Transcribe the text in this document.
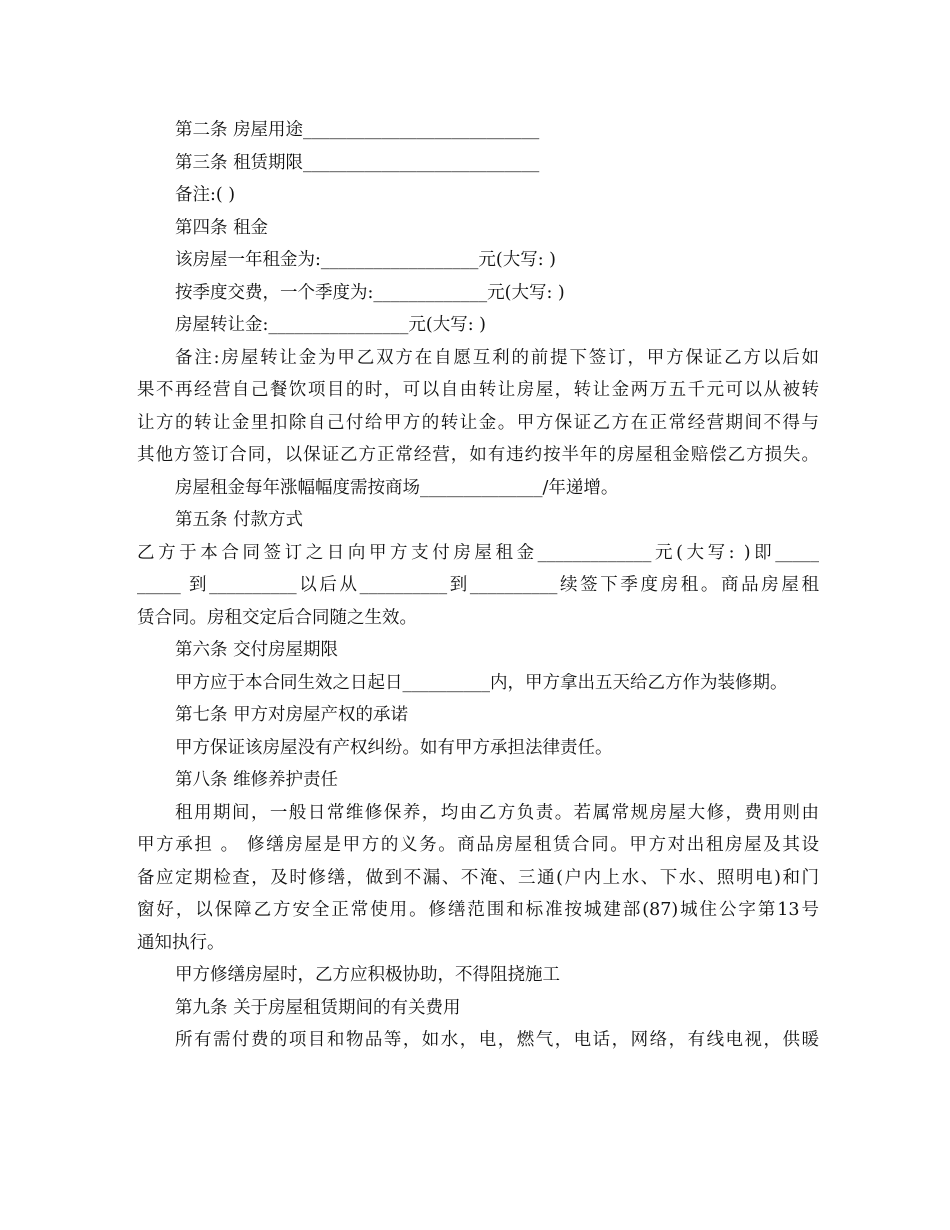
第二条 房屋用途___________________________
第三条 租赁期限___________________________
备注:( )
第四条 租金
该房屋一年租金为:__________________元(大写: )
按季度交费，一个季度为:_____________元(大写: )
房屋转让金:________________元(大写: )
备注:房屋转让金为甲乙双方在自愿互利的前提下签订，甲方保证乙方以后如
果不再经营自己餐饮项目的时，可以自由转让房屋，转让金两万五千元可以从被转
让方的转让金里扣除自己付给甲方的转让金。甲方保证乙方在正常经营期间不得与
其他方签订合同，以保证乙方正常经营，如有违约按半年的房屋租金赔偿乙方损失。
房屋租金每年涨幅幅度需按商场______________/年递增。
第五条 付款方式
乙方于本合同签订之日向甲方支付房屋租金_____________元(大写: )即_____
_____ 到__________以后从__________到__________续签下季度房租。商品房屋租
赁合同。房租交定后合同随之生效。
第六条 交付房屋期限
甲方应于本合同生效之日起日__________内，甲方拿出五天给乙方作为装修期。
第七条 甲方对房屋产权的承诺
甲方保证该房屋没有产权纠纷。如有甲方承担法律责任。
第八条 维修养护责任
租用期间，一般日常维修保养，均由乙方负责。若属常规房屋大修，费用则由
甲方承担 。 修缮房屋是甲方的义务。商品房屋租赁合同。甲方对出租房屋及其设
备应定期检查，及时修缮，做到不漏、不淹、三通(户内上水、下水、照明电)和门
窗好，以保障乙方安全正常使用。修缮范围和标准按城建部(87)城住公字第13号
通知执行。
甲方修缮房屋时，乙方应积极协助，不得阻挠施工
第九条 关于房屋租赁期间的有关费用
所有需付费的项目和物品等，如水，电，燃气，电话，网络，有线电视，供暖
